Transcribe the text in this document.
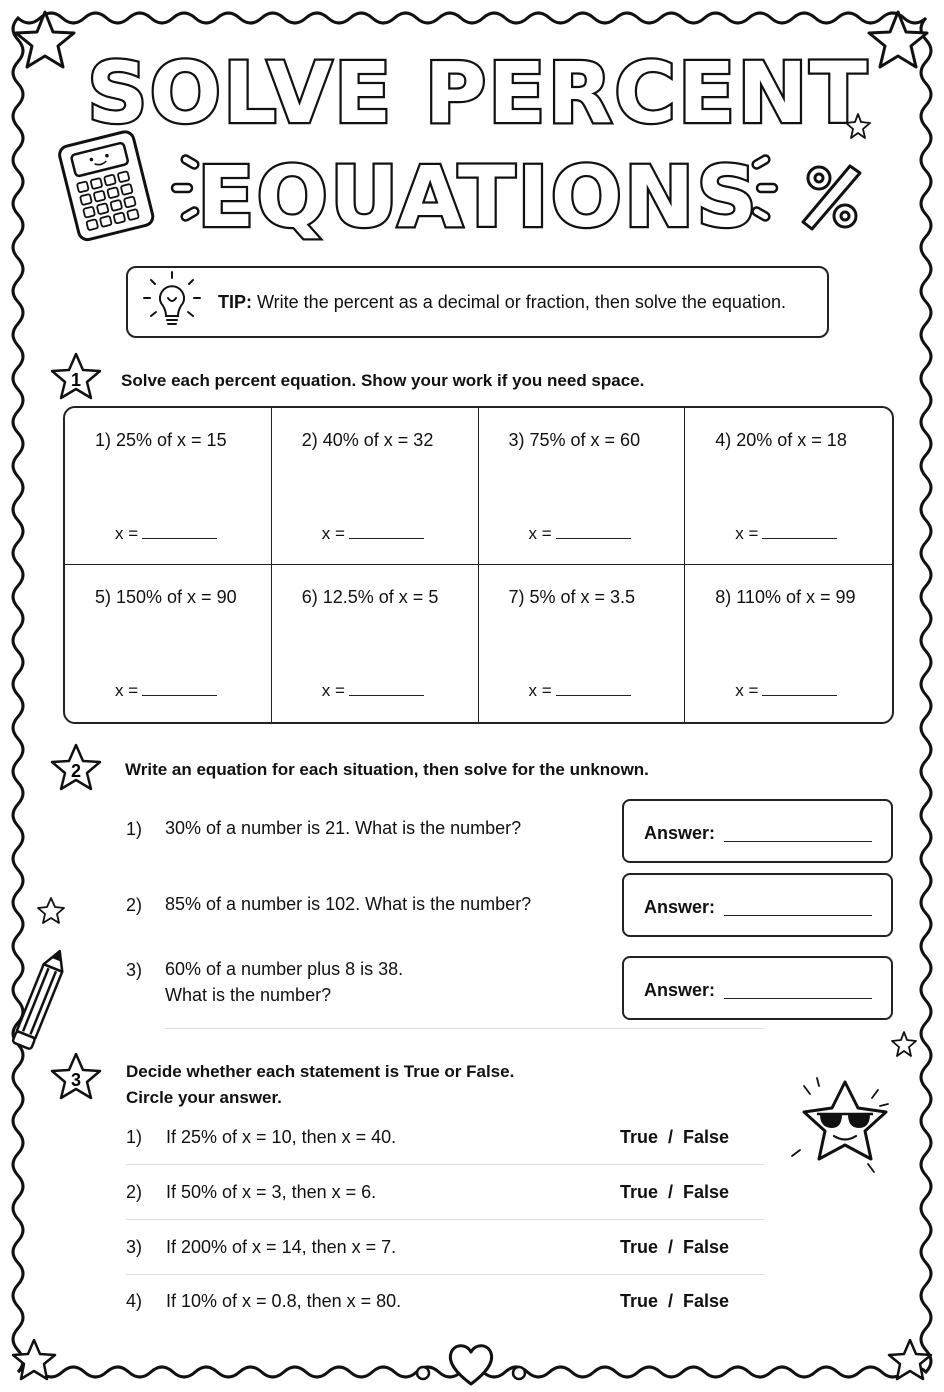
SOLVE PERCENT
EQUATIONS
1
2
3
TIP: Write the percent as a decimal or fraction, then solve the equation.
Solve each percent equation. Show your work if you need space.
1) 25% of x = 15
x =
2) 40% of x = 32
x =
3) 75% of x = 60
x =
4) 20% of x = 18
x =
5) 150% of x = 90
x =
6) 12.5% of x = 5
x =
7) 5% of x = 3.5
x =
8) 110% of x = 99
x =
Write an equation for each situation, then solve for the unknown.
1) 30% of a number is 21. What is the number?	Answer:
2) 85% of a number is 102. What is the number?	Answer:
3) 60% of a number plus 8 is 38.
What is the number?	Answer:
Decide whether each statement is True or False.
Circle your answer.
1) If 25% of x = 10, then x = 40.	True  /  False
2) If 50% of x = 3, then x = 6.	True  /  False
3) If 200% of x = 14, then x = 7.	True  /  False
4) If 10% of x = 0.8, then x = 80.	True  /  False
